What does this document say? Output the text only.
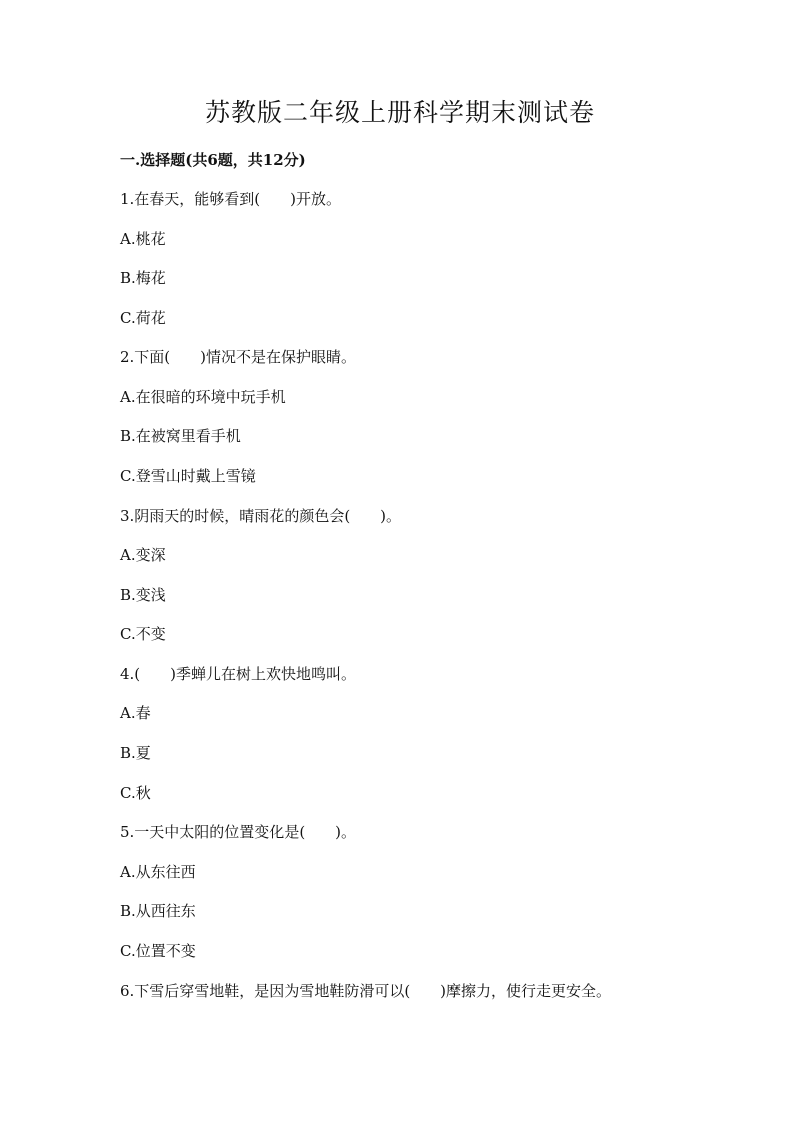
苏教版二年级上册科学期末测试卷
一.选择题(共6题，共12分)
1.在春天，能够看到(　　)开放。
A.桃花
B.梅花
C.荷花
2.下面(　　)情况不是在保护眼睛。
A.在很暗的环境中玩手机
B.在被窝里看手机
C.登雪山时戴上雪镜
3.阴雨天的时候，晴雨花的颜色会(　　)。
A.变深
B.变浅
C.不变
4.(　　)季蝉儿在树上欢快地鸣叫。
A.春
B.夏
C.秋
5.一天中太阳的位置变化是(　　)。
A.从东往西
B.从西往东
C.位置不变
6.下雪后穿雪地鞋，是因为雪地鞋防滑可以(　　)摩擦力，使行走更安全。
